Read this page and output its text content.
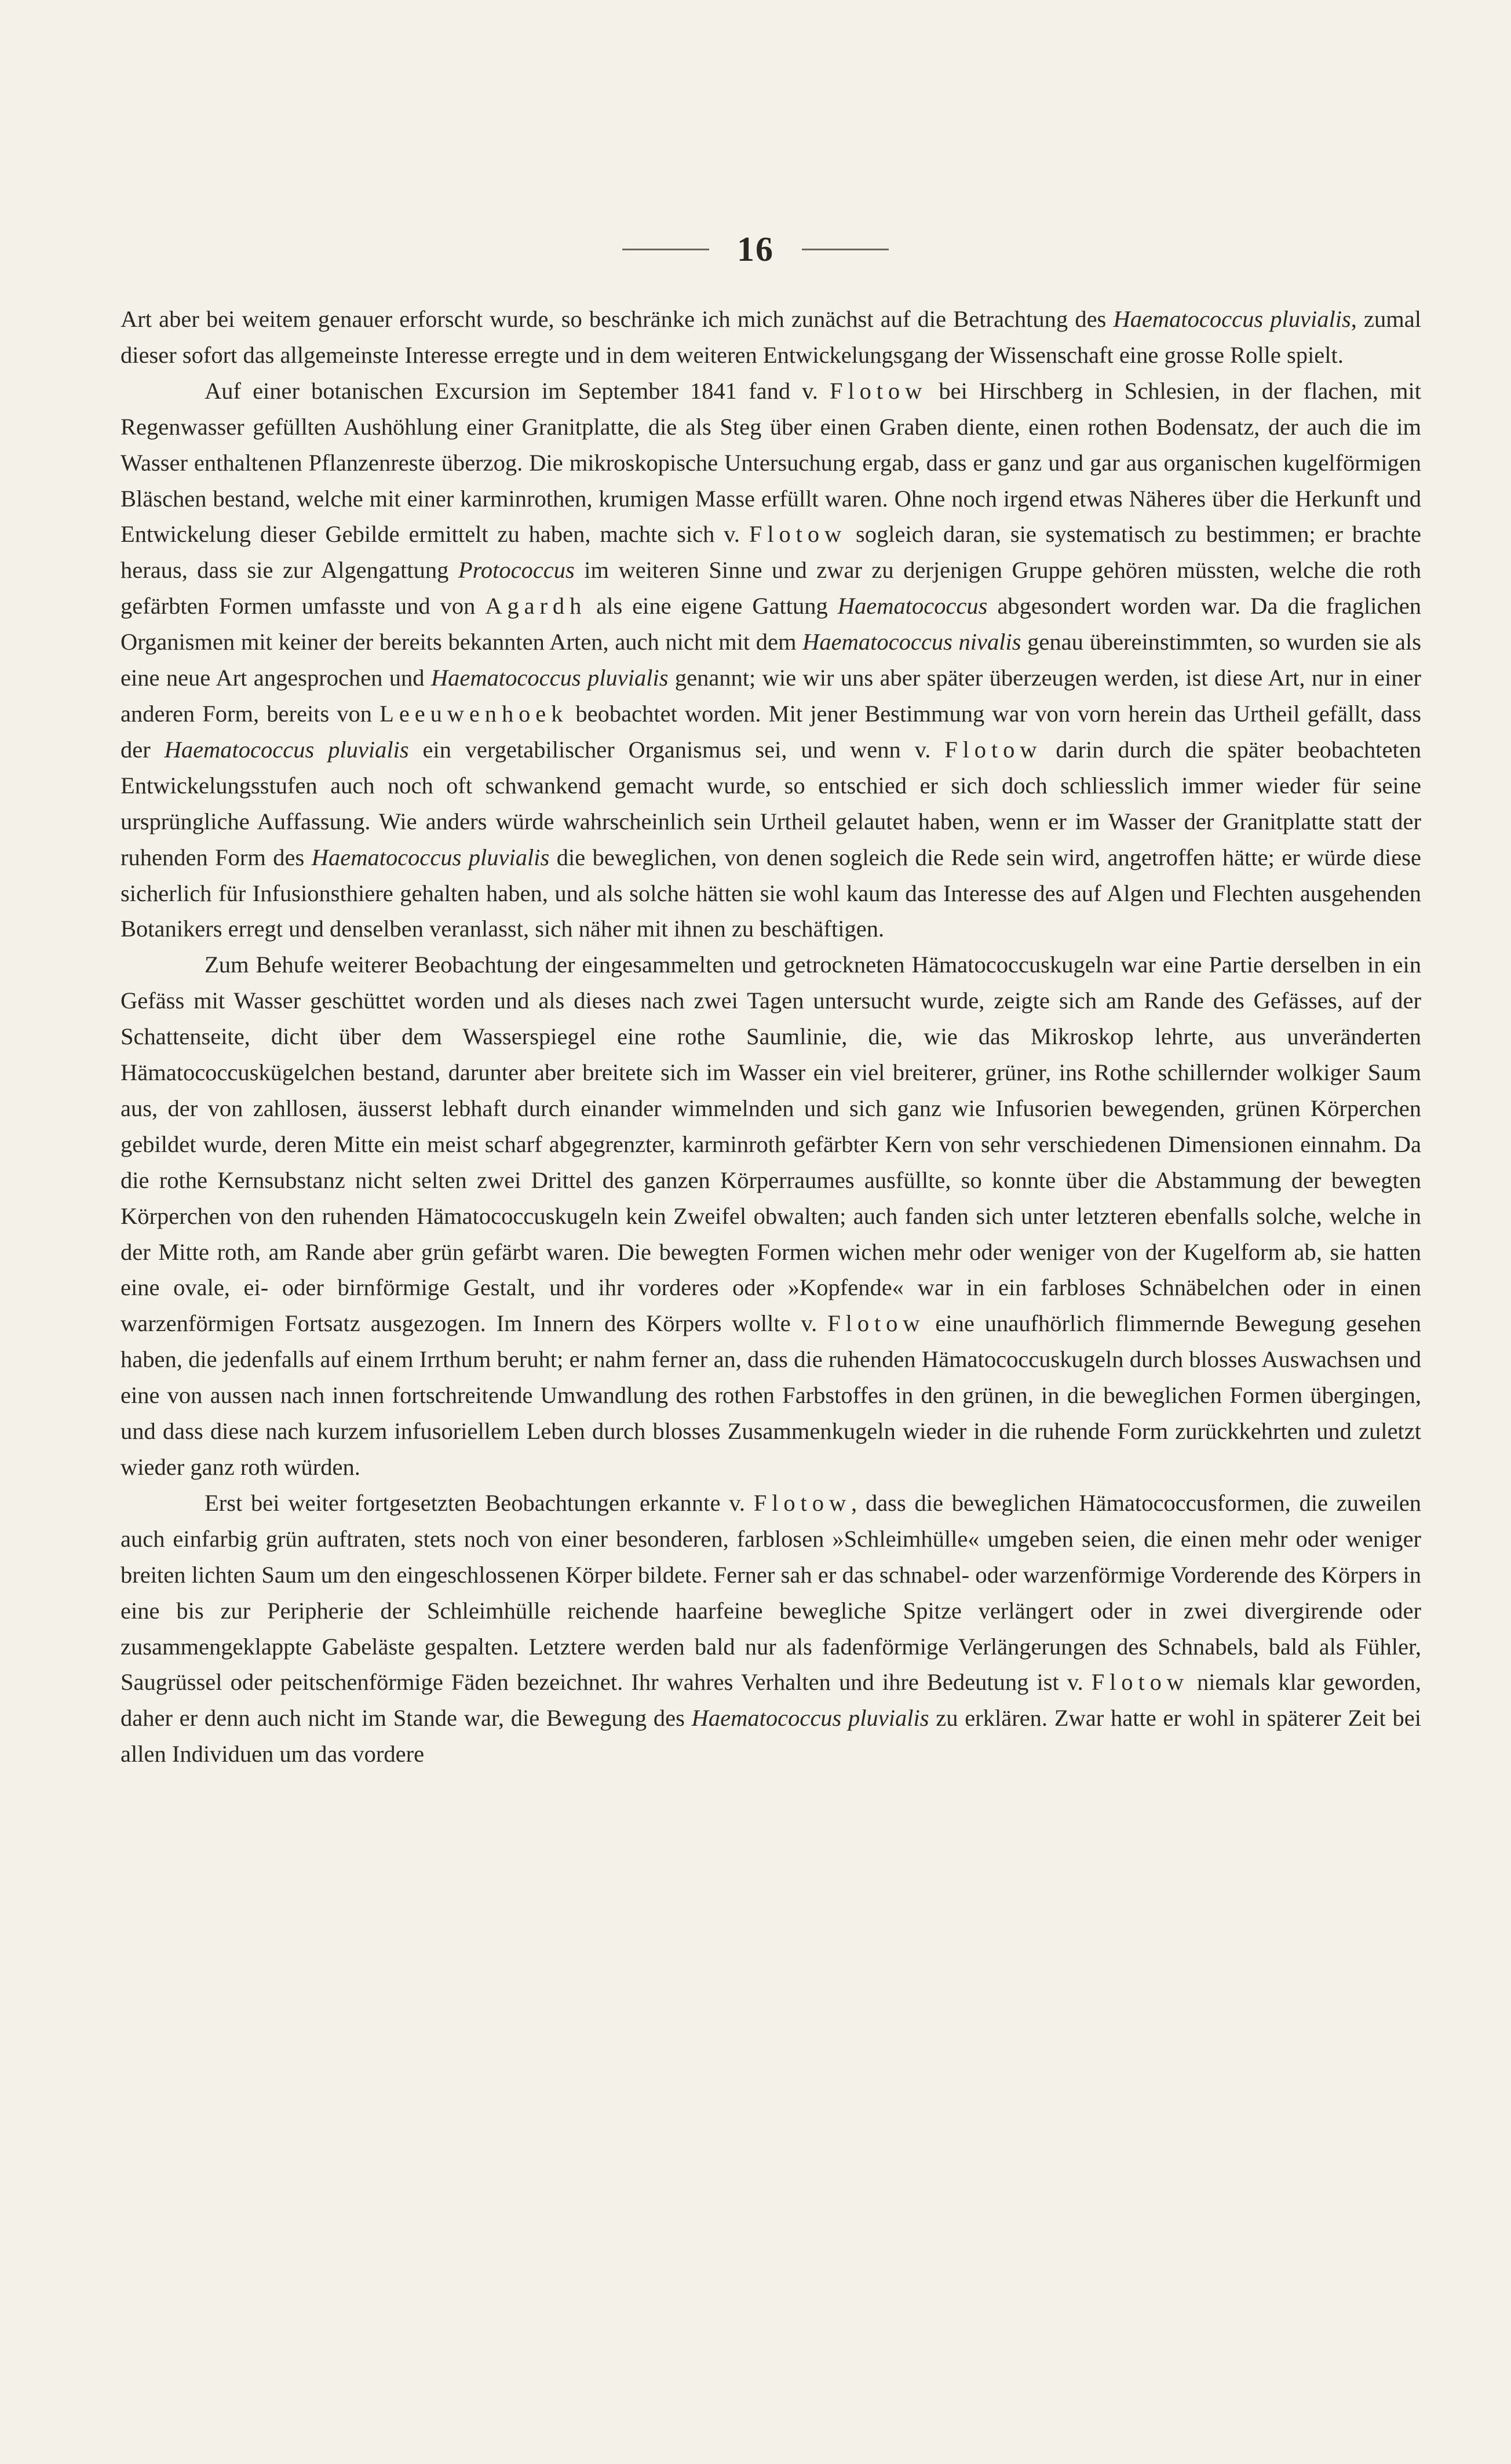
16

Art aber bei weitem genauer erforscht wurde, so beschränke ich mich zunächst auf die Betrachtung des Haematococcus pluvialis, zumal dieser sofort das allgemeinste Interesse erregte und in dem weiteren Entwickelungsgang der Wissenschaft eine grosse Rolle spielt.

Auf einer botanischen Excursion im September 1841 fand v. Flotow bei Hirschberg in Schlesien, in der flachen, mit Regenwasser gefüllten Aushöhlung einer Granitplatte, die als Steg über einen Graben diente, einen rothen Bodensatz, der auch die im Wasser enthaltenen Pflanzenreste überzog. Die mikroskopische Untersuchung ergab, dass er ganz und gar aus organischen kugelförmigen Bläschen bestand, welche mit einer karminrothen, krumigen Masse erfüllt waren. Ohne noch irgend etwas Näheres über die Herkunft und Entwickelung dieser Gebilde ermittelt zu haben, machte sich v. Flotow sogleich daran, sie systematisch zu bestimmen; er brachte heraus, dass sie zur Algengattung Protococcus im weiteren Sinne und zwar zu derjenigen Gruppe gehören müssten, welche die roth gefärbten Formen umfasste und von Agardh als eine eigene Gattung Haematococcus abgesondert worden war. Da die fraglichen Organismen mit keiner der bereits bekannten Arten, auch nicht mit dem Haematococcus nivalis genau übereinstimmten, so wurden sie als eine neue Art angesprochen und Haematococcus pluvialis genannt; wie wir uns aber später überzeugen werden, ist diese Art, nur in einer anderen Form, bereits von Leeuwenhoek beobachtet worden. Mit jener Bestimmung war von vorn herein das Urtheil gefällt, dass der Haematococcus pluvialis ein vergetabilischer Organismus sei, und wenn v. Flotow darin durch die später beobachteten Entwickelungsstufen auch noch oft schwankend gemacht wurde, so entschied er sich doch schliesslich immer wieder für seine ursprüngliche Auffassung. Wie anders würde wahrscheinlich sein Urtheil gelautet haben, wenn er im Wasser der Granitplatte statt der ruhenden Form des Haematococcus pluvialis die beweglichen, von denen sogleich die Rede sein wird, angetroffen hätte; er würde diese sicherlich für Infusionsthiere gehalten haben, und als solche hätten sie wohl kaum das Interesse des auf Algen und Flechten ausgehenden Botanikers erregt und denselben veranlasst, sich näher mit ihnen zu beschäftigen.

Zum Behufe weiterer Beobachtung der eingesammelten und getrockneten Hämatococcuskugeln war eine Partie derselben in ein Gefäss mit Wasser geschüttet worden und als dieses nach zwei Tagen untersucht wurde, zeigte sich am Rande des Gefässes, auf der Schattenseite, dicht über dem Wasserspiegel eine rothe Saumlinie, die, wie das Mikroskop lehrte, aus unveränderten Hämatococcuskügelchen bestand, darunter aber breitete sich im Wasser ein viel breiterer, grüner, ins Rothe schillernder wolkiger Saum aus, der von zahllosen, äusserst lebhaft durch einander wimmelnden und sich ganz wie Infusorien bewegenden, grünen Körperchen gebildet wurde, deren Mitte ein meist scharf abgegrenzter, karminroth gefärbter Kern von sehr verschiedenen Dimensionen einnahm. Da die rothe Kernsubstanz nicht selten zwei Drittel des ganzen Körperraumes ausfüllte, so konnte über die Abstammung der bewegten Körperchen von den ruhenden Hämatococcuskugeln kein Zweifel obwalten; auch fanden sich unter letzteren ebenfalls solche, welche in der Mitte roth, am Rande aber grün gefärbt waren. Die bewegten Formen wichen mehr oder weniger von der Kugelform ab, sie hatten eine ovale, ei- oder birnförmige Gestalt, und ihr vorderes oder »Kopfende« war in ein farbloses Schnäbelchen oder in einen warzenförmigen Fortsatz ausgezogen. Im Innern des Körpers wollte v. Flotow eine unaufhörlich flimmernde Bewegung gesehen haben, die jedenfalls auf einem Irrthum beruht; er nahm ferner an, dass die ruhenden Hämatococcuskugeln durch blosses Auswachsen und eine von aussen nach innen fortschreitende Umwandlung des rothen Farbstoffes in den grünen, in die beweglichen Formen übergingen, und dass diese nach kurzem infusoriellem Leben durch blosses Zusammenkugeln wieder in die ruhende Form zurückkehrten und zuletzt wieder ganz roth würden.

Erst bei weiter fortgesetzten Beobachtungen erkannte v. Flotow, dass die beweglichen Hämatococcusformen, die zuweilen auch einfarbig grün auftraten, stets noch von einer besonderen, farblosen »Schleimhülle« umgeben seien, die einen mehr oder weniger breiten lichten Saum um den eingeschlossenen Körper bildete. Ferner sah er das schnabel- oder warzenförmige Vorderende des Körpers in eine bis zur Peripherie der Schleimhülle reichende haarfeine bewegliche Spitze verlängert oder in zwei divergirende oder zusammengeklappte Gabeläste gespalten. Letztere werden bald nur als fadenförmige Verlängerungen des Schnabels, bald als Fühler, Saugrüssel oder peitschenförmige Fäden bezeichnet. Ihr wahres Verhalten und ihre Bedeutung ist v. Flotow niemals klar geworden, daher er denn auch nicht im Stande war, die Bewegung des Haematococcus pluvialis zu erklären. Zwar hatte er wohl in späterer Zeit bei allen Individuen um das vordere
